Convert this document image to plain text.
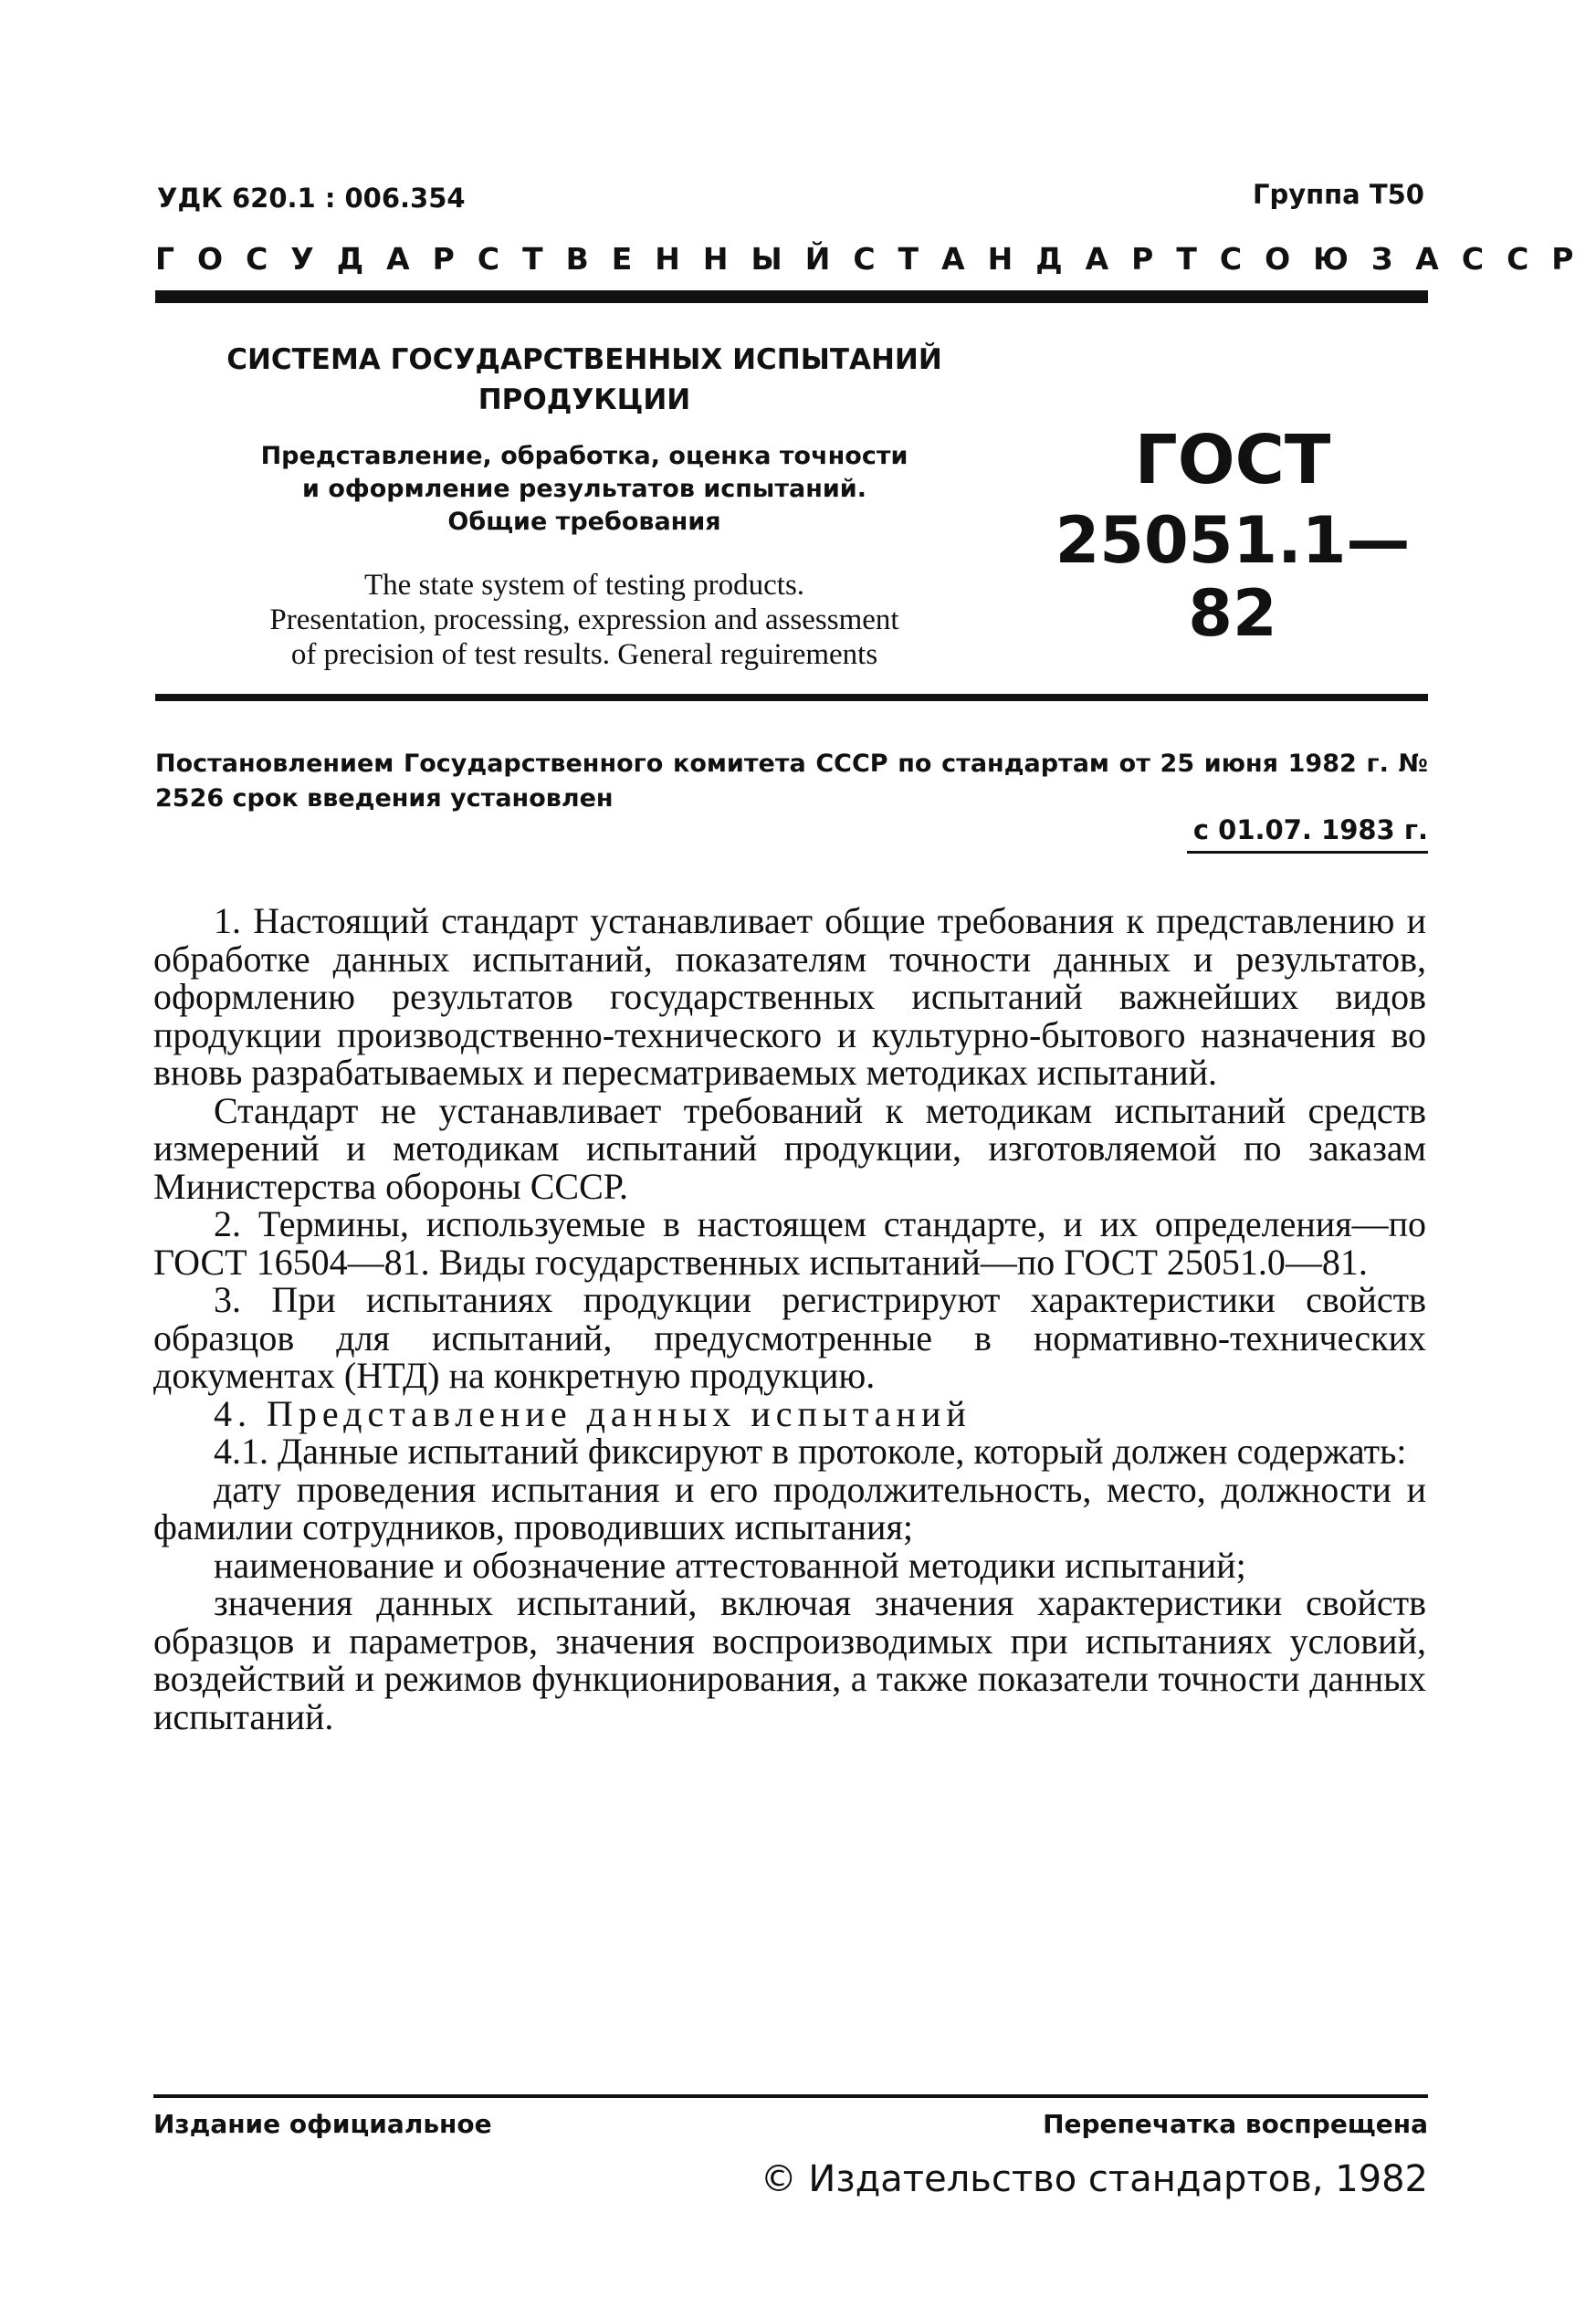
УДК 620.1 : 006.354	Группа Т50
ГОСУДАРСТВЕННЫЙ СТАНДАРТ СОЮЗА ССР
СИСТЕМА ГОСУДАРСТВЕННЫХ ИСПЫТАНИЙ
ПРОДУКЦИИ
Представление, обработка, оценка точности
и оформление результатов испытаний.
Общие требования
The state system of testing products.
Presentation, processing, expression and assessment
of precision of test results. General reguirements
ГОСТ
25051.1—82
Постановлением Государственного комитета СССР по стандартам от 25 июня 1982 г. № 2526 срок введения установлен
с 01.07. 1983 г.

1. Настоящий стандарт устанавливает общие требования к представлению и обработке данных испытаний, показателям точности данных и результатов, оформлению результатов государственных испытаний важнейших видов продукции производственно-технического и культурно-бытового назначения во вновь разрабатываемых и пересматриваемых методиках испытаний.

Стандарт не устанавливает требований к методикам испытаний средств измерений и методикам испытаний продукции, изготовляемой по заказам Министерства обороны СССР.

2. Термины, используемые в настоящем стандарте, и их определения—по ГОСТ 16504—81. Виды государственных испытаний—по ГОСТ 25051.0—81.

3. При испытаниях продукции регистрируют характеристики свойств образцов для испытаний, предусмотренные в нормативно-технических документах (НТД) на конкретную продукцию.

4. Представление данных испытаний

4.1. Данные испытаний фиксируют в протоколе, который должен содержать:

дату проведения испытания и его продолжительность, место, должности и фамилии сотрудников, проводивших испытания;

наименование и обозначение аттестованной методики испытаний;

значения данных испытаний, включая значения характеристики свойств образцов и параметров, значения воспроизводимых при испытаниях условий, воздействий и режимов функционирования, а также показатели точности данных испытаний.

Издание официальное	Перепечатка воспрещена
© Издательство стандартов, 1982
